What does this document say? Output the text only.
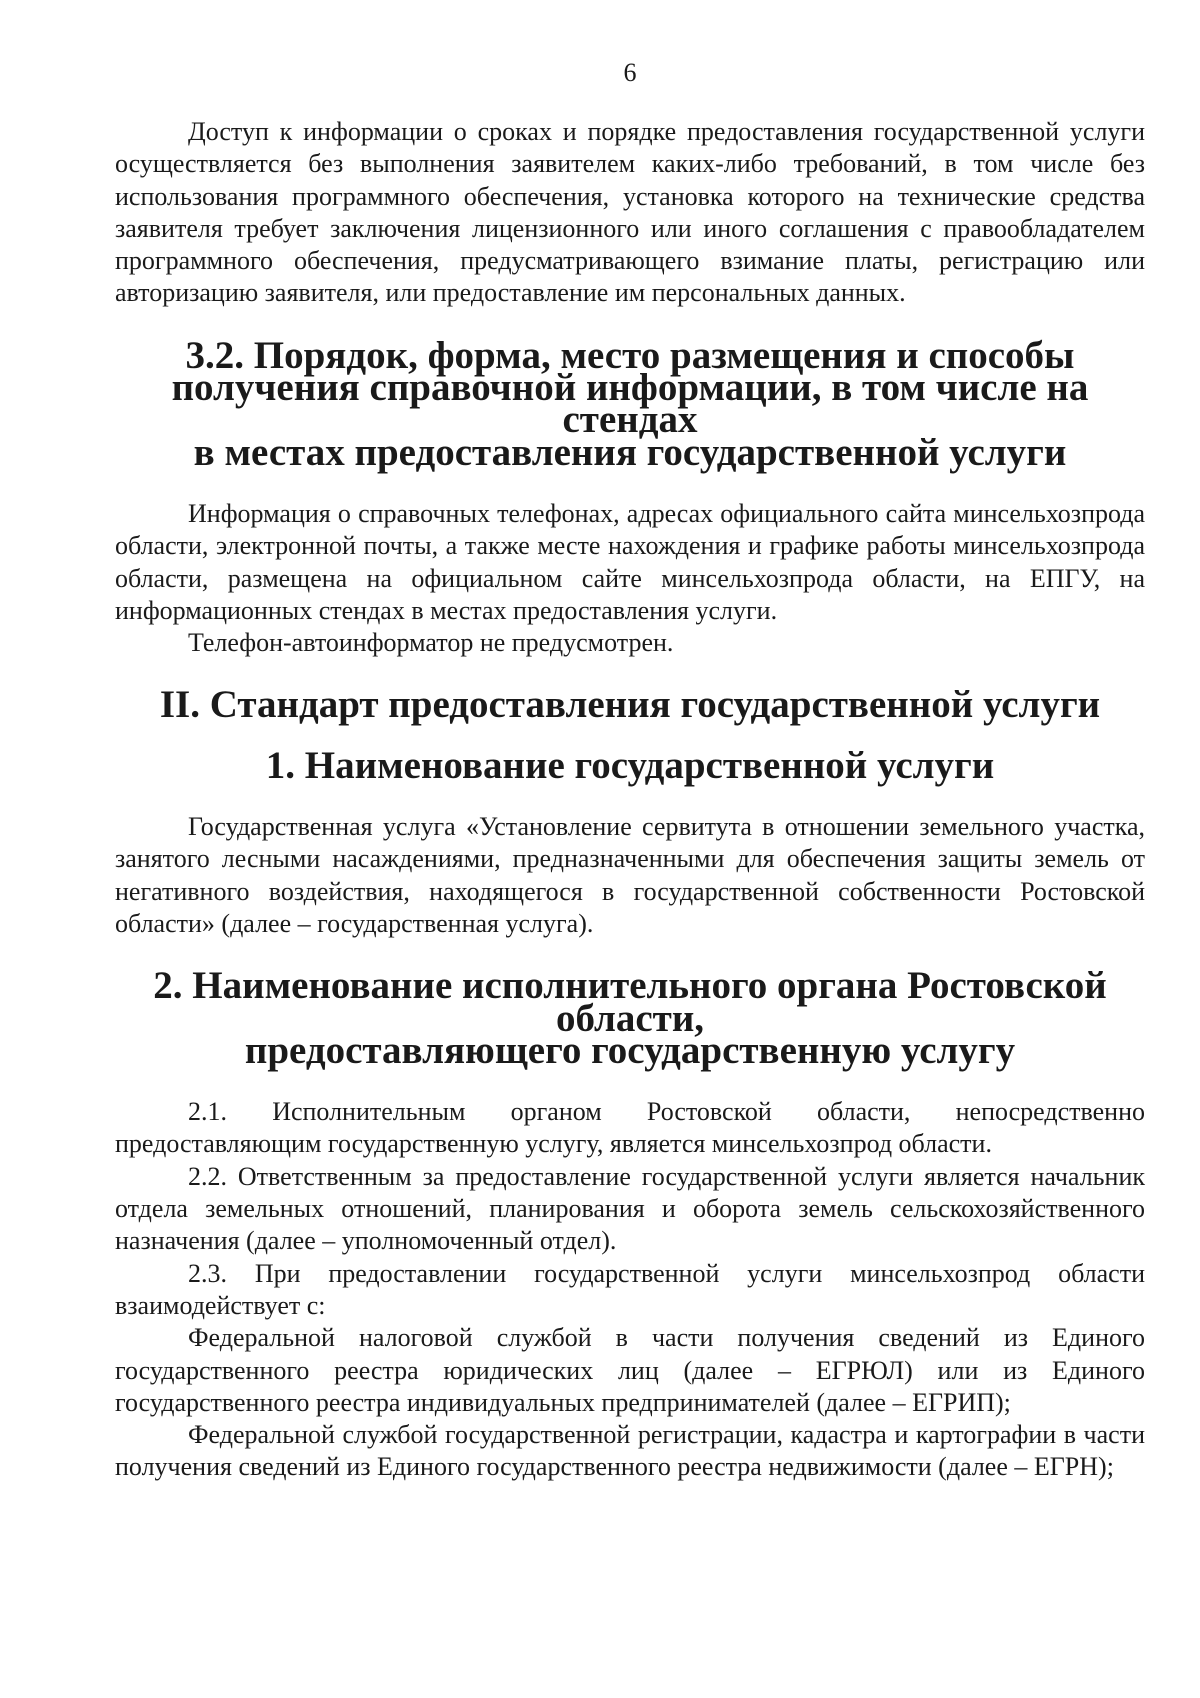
6

Доступ к информации о сроках и порядке предоставления государственной услуги осуществляется без выполнения заявителем каких-либо требований, в том числе без использования программного обеспечения, установка которого на технические средства заявителя требует заключения лицензионного или иного соглашения с правообладателем программного обеспечения, предусматривающего взимание платы, регистрацию или авторизацию заявителя, или предоставление им персональных данных.

3.2. Порядок, форма, место размещения и способы
получения справочной информации, в том числе на стендах
в местах предоставления государственной услуги

Информация о справочных телефонах, адресах официального сайта минсельхозпрода области, электронной почты, а также месте нахождения и графике работы минсельхозпрода области, размещена на официальном сайте минсельхозпрода области, на ЕПГУ, на информационных стендах в местах предоставления услуги.

Телефон-автоинформатор не предусмотрен.

II. Стандарт предоставления государственной услуги
1. Наименование государственной услуги

Государственная услуга «Установление сервитута в отношении земельного участка, занятого лесными насаждениями, предназначенными для обеспечения защиты земель от негативного воздействия, находящегося в государственной собственности Ростовской области» (далее – государственная услуга).

2. Наименование исполнительного органа Ростовской области,
предоставляющего государственную услугу

2.1. Исполнительным органом Ростовской области, непосредственно предоставляющим государственную услугу, является минсельхозпрод области.

2.2. Ответственным за предоставление государственной услуги является начальник отдела земельных отношений, планирования и оборота земель сельскохозяйственного назначения (далее – уполномоченный отдел).

2.3. При предоставлении государственной услуги минсельхозпрод области взаимодействует с:

Федеральной налоговой службой в части получения сведений из Единого государственного реестра юридических лиц (далее – ЕГРЮЛ) или из Единого государственного реестра индивидуальных предпринимателей (далее – ЕГРИП);

Федеральной службой государственной регистрации, кадастра и картографии в части получения сведений из Единого государственного реестра недвижимости (далее – ЕГРН);
